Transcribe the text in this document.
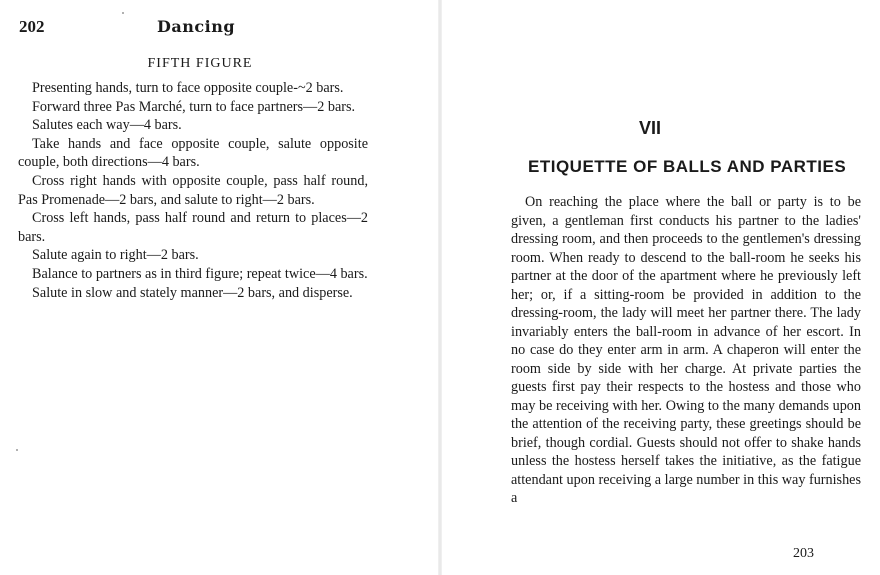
202	Dancing
FIFTH FIGURE

Presenting hands, turn to face opposite couple-~2 bars.

Forward three Pas Marché, turn to face partners—2 bars.

Salutes each way—4 bars.

Take hands and face opposite couple, salute opposite couple, both directions—4 bars.

Cross right hands with opposite couple, pass half round, Pas Promenade—2 bars, and salute to right—2 bars.

Cross left hands, pass half round and return to places—2 bars.

Salute again to right—2 bars.

Balance to partners as in third figure; repeat twice—4 bars.

Salute in slow and stately manner—2 bars, and disperse.

VII
ETIQUETTE OF BALLS AND PARTIES

On reaching the place where the ball or party is to be given, a gentleman first conducts his partner to the ladies' dressing room, and then proceeds to the gentlemen's dressing room. When ready to descend to the ball-room he seeks his partner at the door of the apartment where he previously left her; or, if a sitting-room be provided in addition to the dressing-room, the lady will meet her partner there. The lady invariably enters the ball-room in advance of her escort. In no case do they enter arm in arm. A chaperon will enter the room side by side with her charge. At private parties the guests first pay their respects to the hostess and those who may be receiving with her. Owing to the many demands upon the attention of the receiving party, these greetings should be brief, though cordial. Guests should not offer to shake hands unless the hostess herself takes the initiative, as the fatigue attendant upon receiving a large number in this way furnishes a

203
